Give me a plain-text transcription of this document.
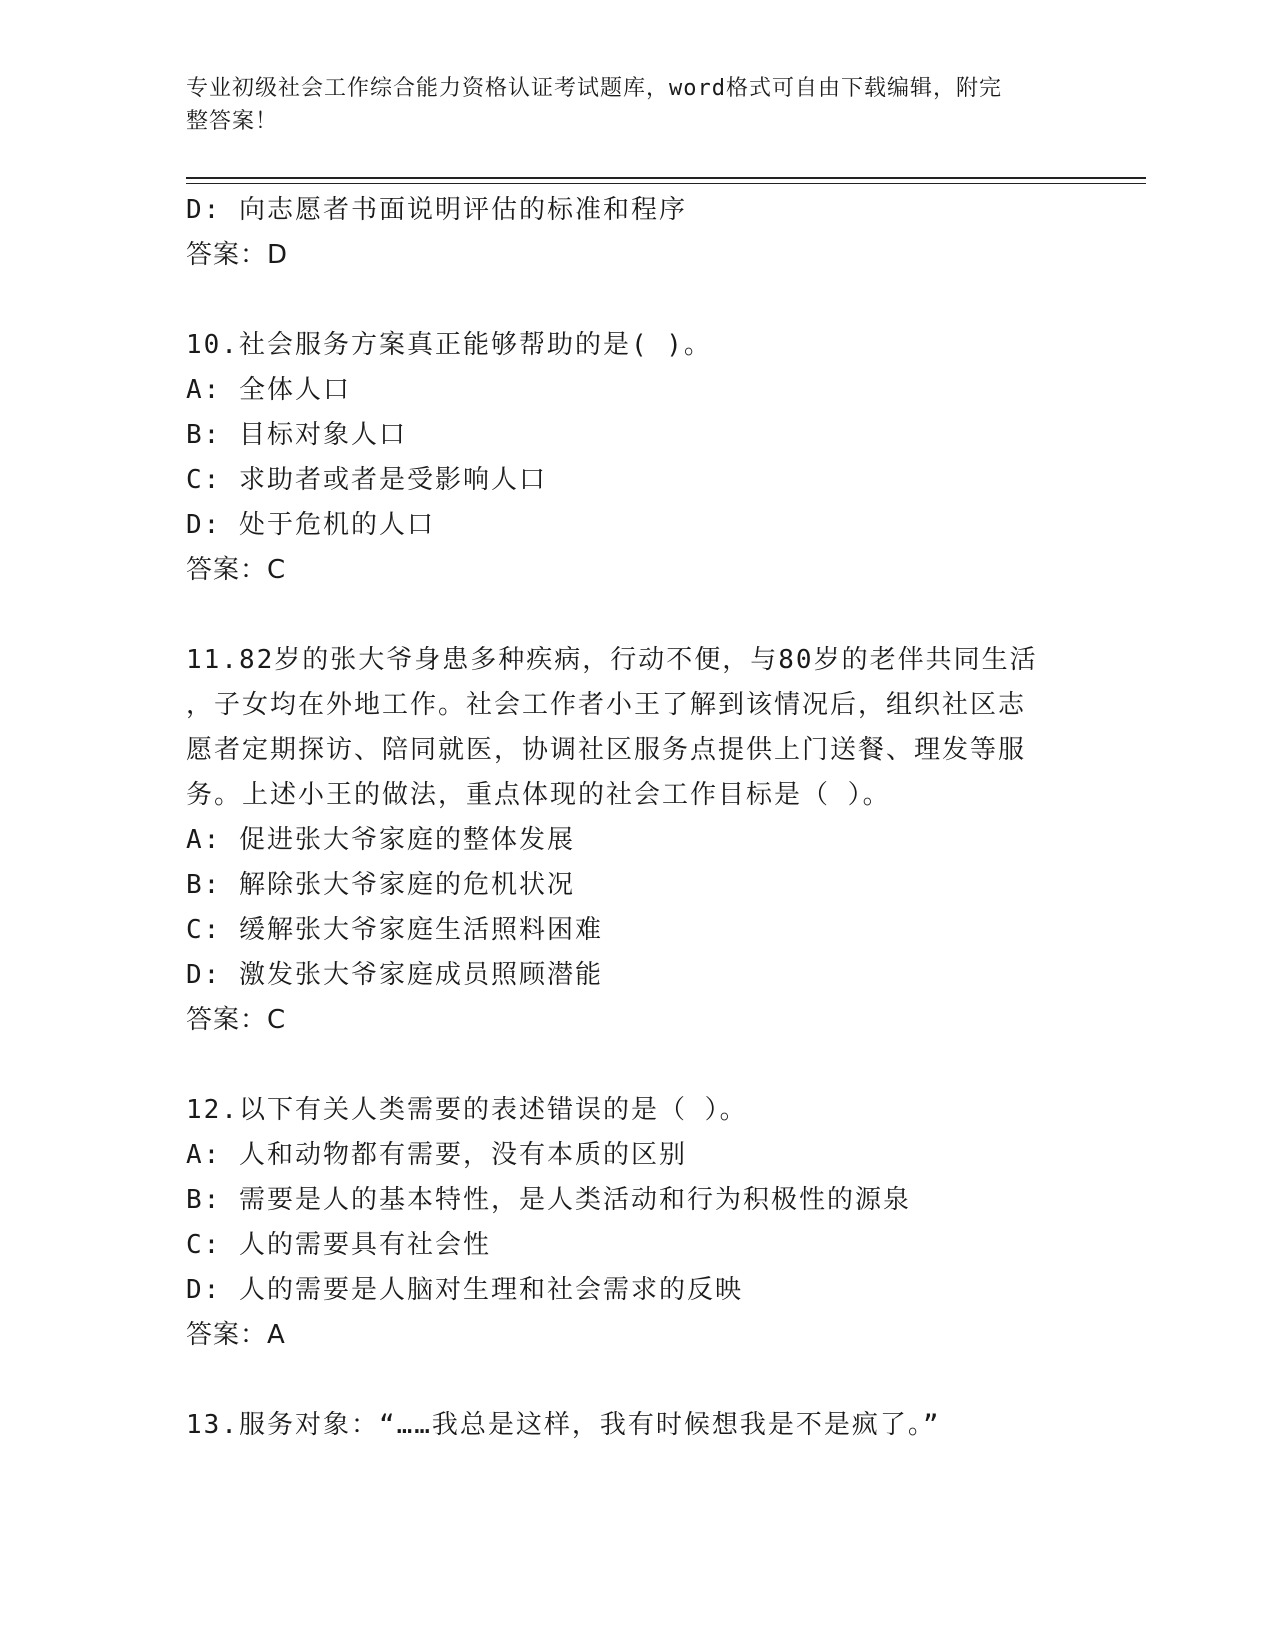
专业初级社会工作综合能力资格认证考试题库，word格式可自由下载编辑，附完
整答案！
D: 向志愿者书面说明评估的标准和程序
答案：D
10.社会服务方案真正能够帮助的是( )。
A: 全体人口
B: 目标对象人口
C: 求助者或者是受影响人口
D: 处于危机的人口
答案：C
11.82岁的张大爷身患多种疾病，行动不便，与80岁的老伴共同生活
，子女均在外地工作。社会工作者小王了解到该情况后，组织社区志
愿者定期探访、陪同就医，协调社区服务点提供上门送餐、理发等服
务。上述小王的做法，重点体现的社会工作目标是（ ）。
A: 促进张大爷家庭的整体发展
B: 解除张大爷家庭的危机状况
C: 缓解张大爷家庭生活照料困难
D: 激发张大爷家庭成员照顾潜能
答案：C
12.以下有关人类需要的表述错误的是（ ）。
A: 人和动物都有需要，没有本质的区别
B: 需要是人的基本特性，是人类活动和行为积极性的源泉
C: 人的需要具有社会性
D: 人的需要是人脑对生理和社会需求的反映
答案：A
13.服务对象：“……我总是这样，我有时候想我是不是疯了。”
